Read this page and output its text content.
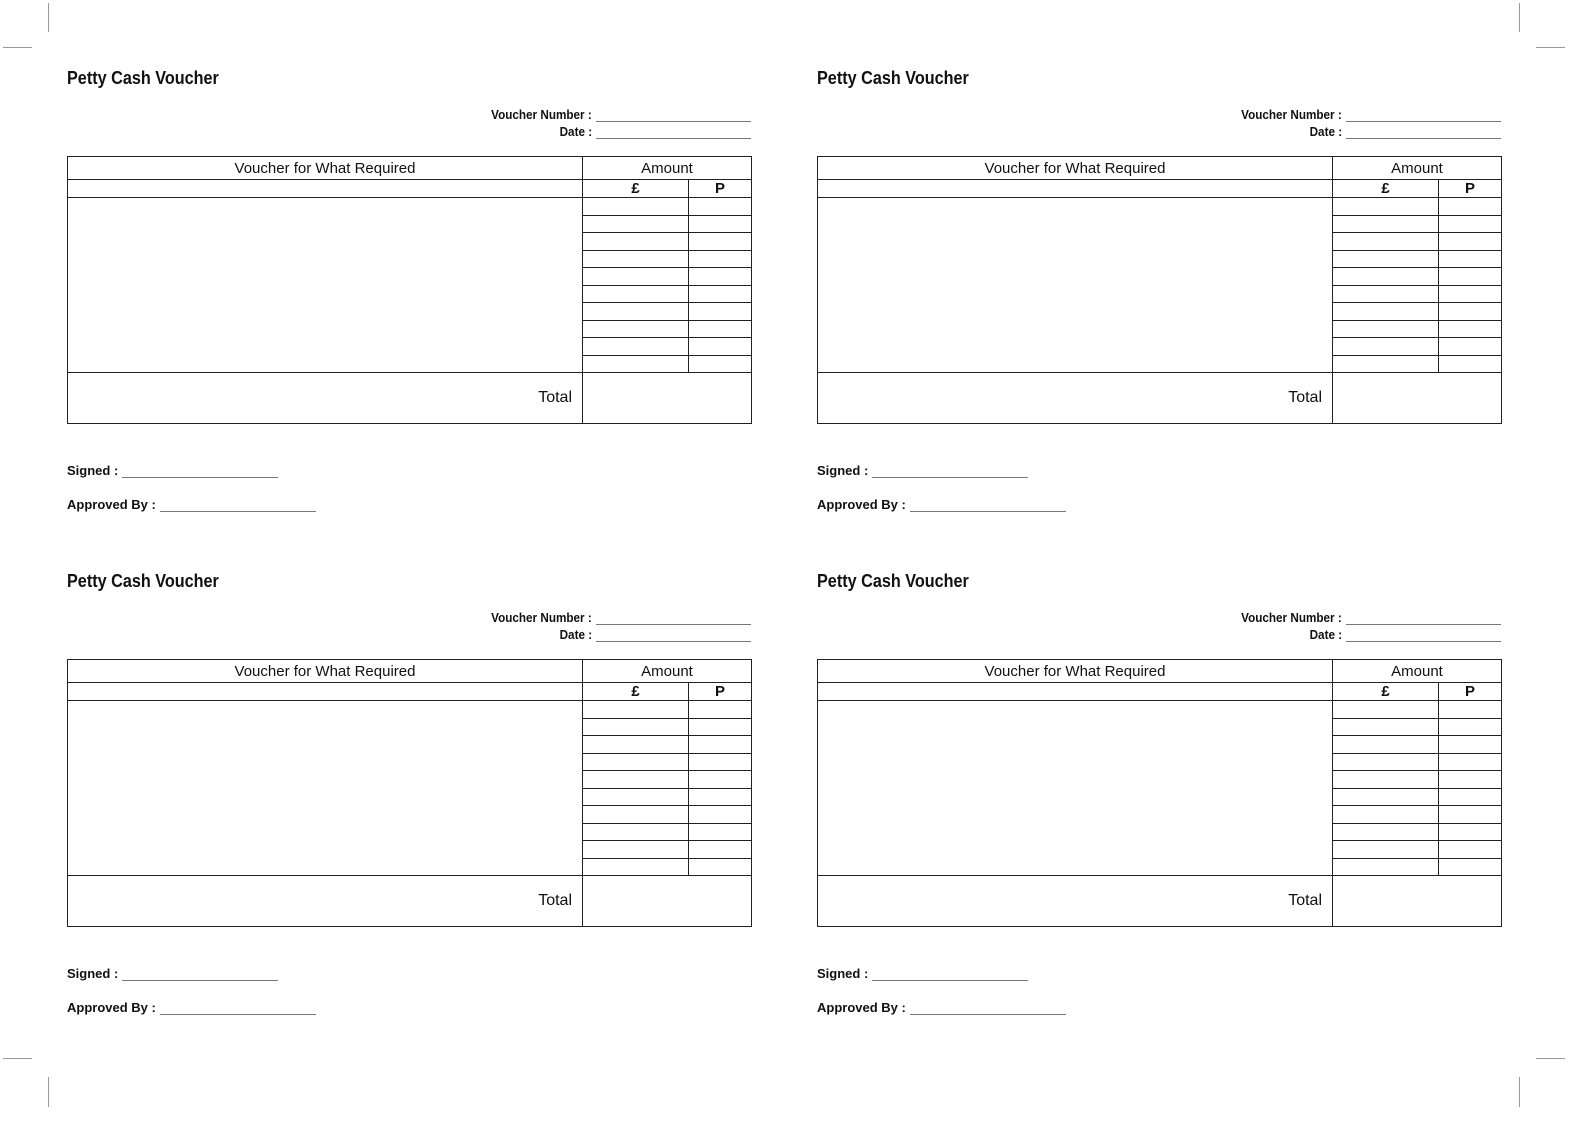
Petty Cash Voucher
Voucher Number :
Date :
Voucher for What Required	Amount	
	£	P

Total		
Signed :
Approved By :
Petty Cash Voucher
Voucher Number :
Date :
Voucher for What Required	Amount	
	£	P

Total		
Signed :
Approved By :
Petty Cash Voucher
Voucher Number :
Date :
Voucher for What Required	Amount	
	£	P

Total		
Signed :
Approved By :
Petty Cash Voucher
Voucher Number :
Date :
Voucher for What Required	Amount	
	£	P

Total		
Signed :
Approved By :
